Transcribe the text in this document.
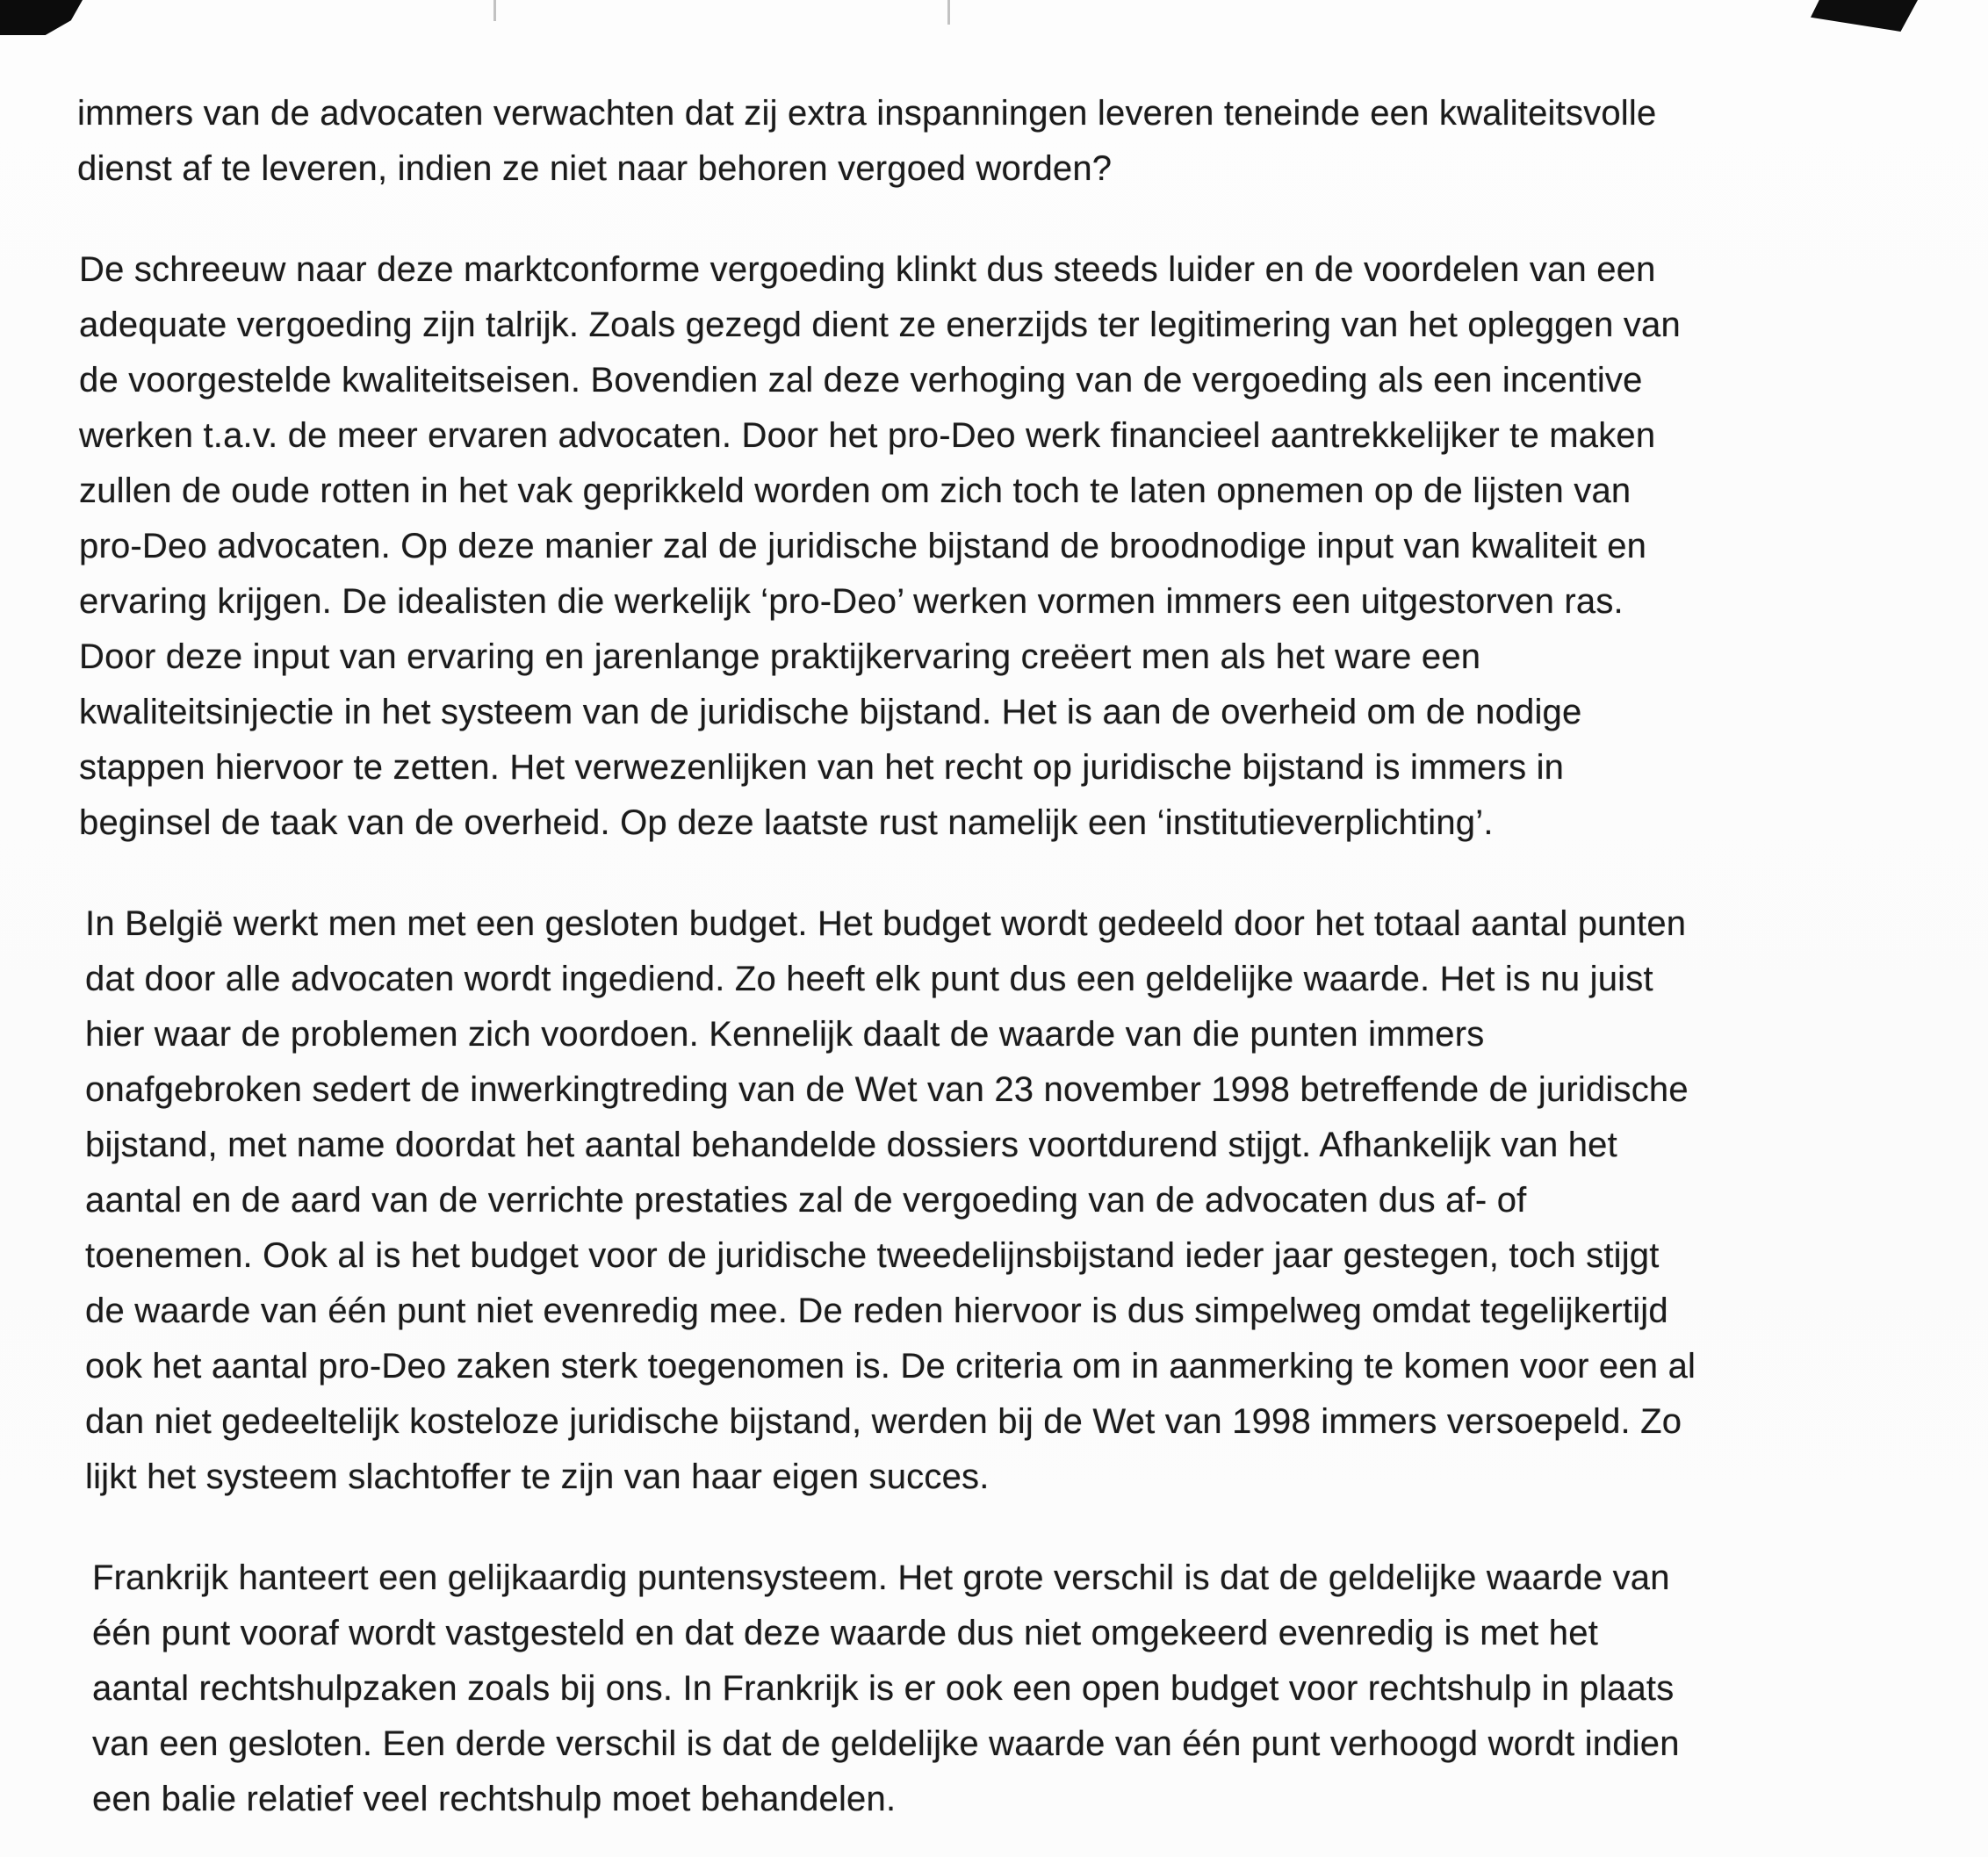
immers van de advocaten verwachten dat zij extra inspanningen leveren teneinde een kwaliteitsvolle
dienst af te leveren, indien ze niet naar behoren vergoed worden?
De schreeuw naar deze marktconforme vergoeding klinkt dus steeds luider en de voordelen van een
adequate vergoeding zijn talrijk. Zoals gezegd dient ze enerzijds ter legitimering van het opleggen van
de voorgestelde kwaliteitseisen. Bovendien zal deze verhoging van de vergoeding als een incentive
werken t.a.v. de meer ervaren advocaten. Door het pro-Deo werk financieel aantrekkelijker te maken
zullen de oude rotten in het vak geprikkeld worden om zich toch te laten opnemen op de lijsten van
pro-Deo advocaten. Op deze manier zal de juridische bijstand de broodnodige input van kwaliteit en
ervaring krijgen. De idealisten die werkelijk ‘pro-Deo’ werken vormen immers een uitgestorven ras.
Door deze input van ervaring en jarenlange praktijkervaring creëert men als het ware een
kwaliteitsinjectie in het systeem van de juridische bijstand. Het is aan de overheid om de nodige
stappen hiervoor te zetten. Het verwezenlijken van het recht op juridische bijstand is immers in
beginsel de taak van de overheid. Op deze laatste rust namelijk een ‘institutieverplichting’.
In België werkt men met een gesloten budget. Het budget wordt gedeeld door het totaal aantal punten
dat door alle advocaten wordt ingediend. Zo heeft elk punt dus een geldelijke waarde. Het is nu juist
hier waar de problemen zich voordoen. Kennelijk daalt de waarde van die punten immers
onafgebroken sedert de inwerkingtreding van de Wet van 23 november 1998 betreffende de juridische
bijstand, met name doordat het aantal behandelde dossiers voortdurend stijgt. Afhankelijk van het
aantal en de aard van de verrichte prestaties zal de vergoeding van de advocaten dus af- of
toenemen. Ook al is het budget voor de juridische tweedelijnsbijstand ieder jaar gestegen, toch stijgt
de waarde van één punt niet evenredig mee. De reden hiervoor is dus simpelweg omdat tegelijkertijd
ook het aantal pro-Deo zaken sterk toegenomen is. De criteria om in aanmerking te komen voor een al
dan niet gedeeltelijk kosteloze juridische bijstand, werden bij de Wet van 1998 immers versoepeld. Zo
lijkt het systeem slachtoffer te zijn van haar eigen succes.
Frankrijk hanteert een gelijkaardig puntensysteem. Het grote verschil is dat de geldelijke waarde van
één punt vooraf wordt vastgesteld en dat deze waarde dus niet omgekeerd evenredig is met het
aantal rechtshulpzaken zoals bij ons. In Frankrijk is er ook een open budget voor rechtshulp in plaats
van een gesloten. Een derde verschil is dat de geldelijke waarde van één punt verhoogd wordt indien
een balie relatief veel rechtshulp moet behandelen.
